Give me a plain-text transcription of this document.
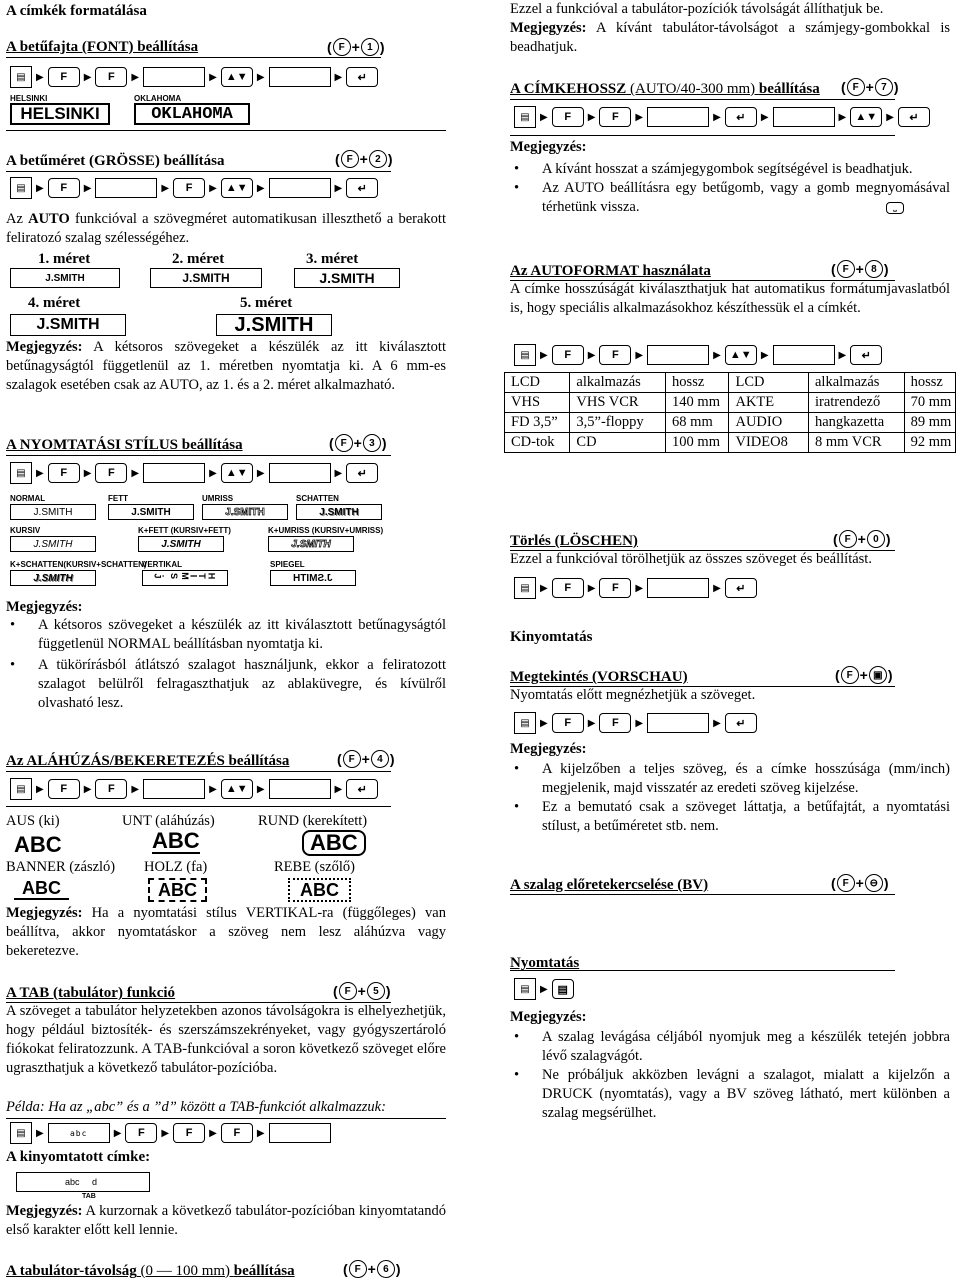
A címkék formatálása
A betűfajta (FONT) beállítása	( F + 1 )
▤	▶	F	▶	F	▶	▶ ▲▼ ▶	▶	↵
HELSINKI
HELSINKI
OKLAHOMA
OKLAHOMA
A betűméret (GRÖSSE) beállítása	( F + 2 )
▤	▶	F	▶	▶	F	▶ ▲▼ ▶	▶	↵
Az AUTO funkcióval a szövegméret automatikusan illeszthető a berakott feliratozó szalag szélességéhez.
1. méret	2. méret	3. méret
J.SMITH	J.SMITH	J.SMITH
4. méret	5. méret
J.SMITH	J.SMITH
Megjegyzés: A kétsoros szövegeket a készülék az itt kiválasztott betűnagyságtól függetlenül az 1. méretben nyomtatja ki. A 6 mm-es szalagok esetében csak az AUTO, az 1. és a 2. méret alkalmazható.
A NYOMTATÁSI STÍLUS beállítása	( F + 3 )
▤	▶	F	▶	F	▶	▶ ▲▼ ▶	▶	↵
NORMAL
J.SMITH
FETT
J.SMITH
UMRISS
J.SMITH
SCHATTEN
J.SMITH
KURSIV
J.SMITH
K+FETT (KURSIV+FETT)
J.SMITH
K+UMRISS (KURSIV+UMRISS)
J.SMITH
K+SCHATTEN(KURSIV+SCHATTEN)
J.SMITH
VERTIKAL
J
.
S M I
T H
SPIEGEL
J.SMITH
Megjegyzés:
• A kétsoros szövegeket a készülék az itt kiválasztott betűnagyságtól függetlenül NORMAL beállításban nyomtatja ki.
• A tükörírásból átlátszó szalagot használjunk, ekkor a feliratozott szalagot belülről felragaszthatjuk az ablaküvegre, és kívülről olvasható lesz.
Az ALÁHÚZÁS/BEKERETEZÉS beállítása	( F + 4 )
▤	▶	F	▶	F	▶	▶ ▲▼ ▶	▶	↵
AUS (ki)	UNT (aláhúzás)	RUND (kerekített)
ABC	ABC	ABC
BANNER (zászló) HOLZ (fa)	REBE (szőlő)
ABC	ABC	ABC
Megjegyzés: Ha a nyomtatási stílus VERTIKAL-ra (függőleges) van beállítva, akkor nyomtatáskor a szöveg nem lesz aláhúzva vagy bekeretezve.
A TAB (tabulátor) funkció	( F + 5 )
A szöveget a tabulátor helyzetekben azonos távolságokra is elhelyezhetjük, hogy például biztosíték- és szerszámszekrényeket, vagy gyógyszertároló fiókokat feliratozzunk. A TAB-funkcióval a soron következő szöveget előre ugraszthatjuk a következő tabulátor-pozícióba.
Példa: Ha az „abc” és a ”d” között a TAB-funkciót alkalmazzuk:
▤	▶	abc	▶	F	▶	F	▶	F	▶
A kinyomtatott címke:
abc
d
TAB
Megjegyzés: A kurzornak a következő tabulátor-pozícióban kinyomtatandó első karakter előtt kell lennie.
A tabulátor-távolság (0 — 100 mm) beállítása	( F + 6 )
Ezzel a funkcióval a tabulátor-pozíciók távolságát állíthatjuk be.
Megjegyzés: A kívánt tabulátor-távolságot a számjegy-gombokkal is beadhatjuk.
A CÍMKEHOSSZ (AUTO/40-300 mm) beállítása	( F + 7 )
▤	▶	F	▶	F	▶	▶	↵	▶	▶ ▲▼ ▶	↵
Megjegyzés:
• A kívánt hosszat a számjegygombok segítségével is beadhatjuk.
• Az AUTO beállításra egy betűgomb, vagy a gomb megnyomásával térhetünk vissza.	⎵
Az AUTOFORMAT használata	( F + 8 )
A címke hosszúságát kiválaszthatjuk hat automatikus formátumjavaslatból is, hogy speciális alkalmazásokhoz készíthessük el a címkét.
▤	▶	F	▶	F	▶	▶ ▲▼ ▶	▶	↵
LCD	alkalmazás	hossz	LCD	alkalmazás	hossz
VHS	VHS VCR	140 mm	AKTE	iratrendező	70 mm
FD 3,5”	3,5”-floppy	68 mm	AUDIO	hangkazetta	89 mm
CD-tok	CD	100 mm	VIDEO8	8 mm VCR	92 mm
Törlés (LÖSCHEN)	( F + 0 )
Ezzel a funkcióval törölhetjük az összes szöveget és beállítást.
▤	▶	F	▶	F	▶	▶	↵
Kinyomtatás
Megtekintés (VORSCHAU)	( F + ▣ )
Nyomtatás előtt megnézhetjük a szöveget.
▤	▶	F	▶	F	▶	▶	↵
Megjegyzés:
• A kijelzőben a teljes szöveg, és a címke hosszúsága (mm/inch) megjelenik, majd visszatér az eredeti szöveg kijelzése.
• Ez a bemutató csak a szöveget láttatja, a betűfajtát, a nyomtatási stílust, a betűméretet stb. nem.
A szalag előretekercselése (BV)	( F + ⊖ )
Nyomtatás
▤	▶ ▤
Megjegyzés:
• A szalag levágása céljából nyomjuk meg a készülék tetején jobbra lévő szalagvágót.
• Ne próbáljuk akközben levágni a szalagot, mialatt a kijelzőn a DRUCK (nyomtatás), vagy a BV szöveg látható, mert különben a szalag megsérülhet.
